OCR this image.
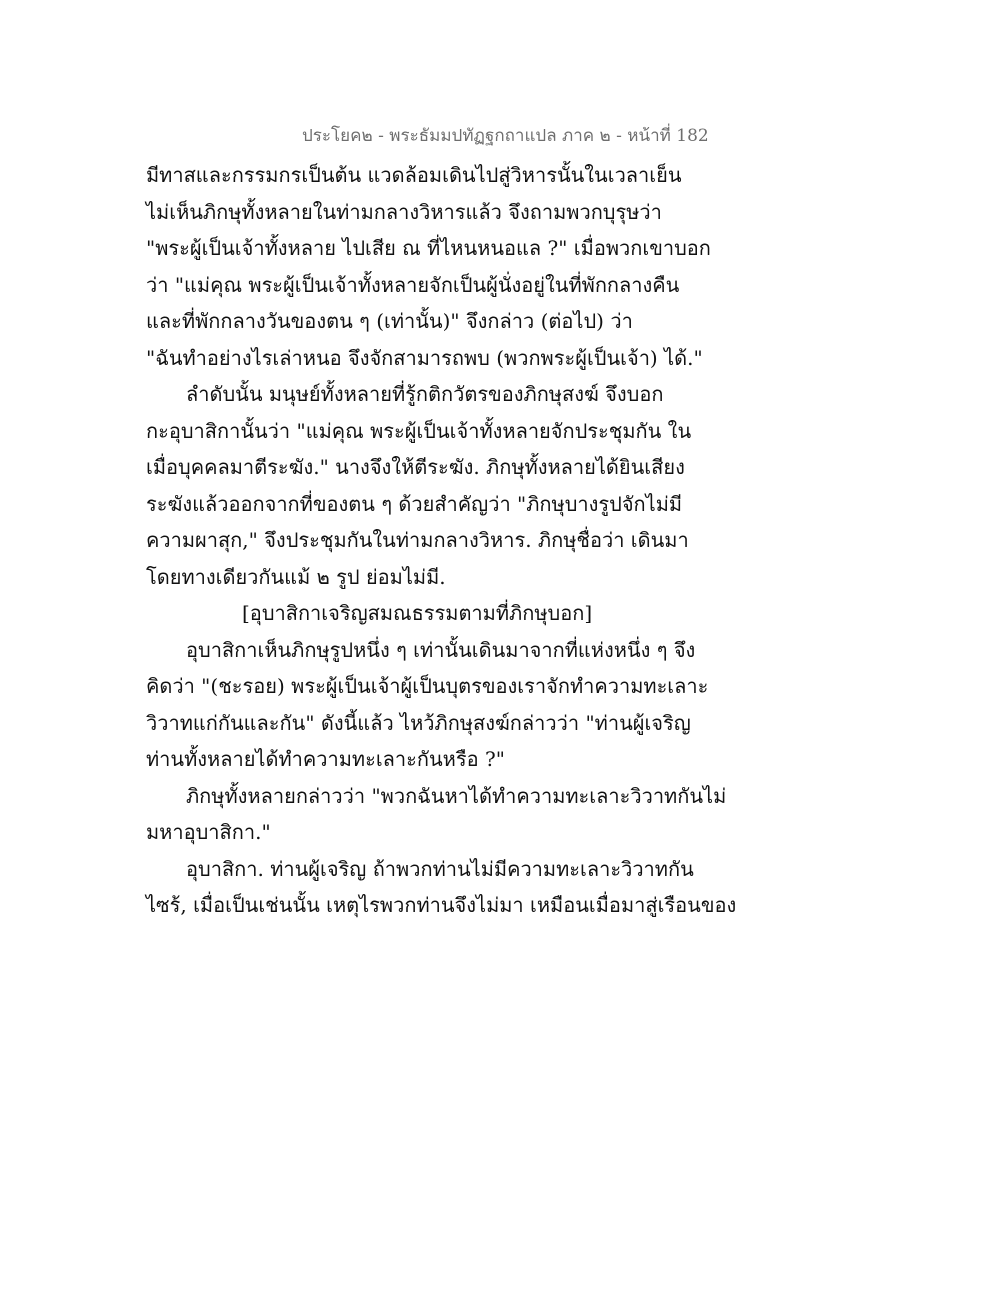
ประโยค๒ - พระธัมมปทัฏฐกถาแปล ภาค ๒ - หน้าที่ 182
มีทาสและกรรมกรเป็นต้น แวดล้อมเดินไปสู่วิหารนั้นในเวลาเย็น
ไม่เห็นภิกษุทั้งหลายในท่ามกลางวิหารแล้ว จึงถามพวกบุรุษว่า
"พระผู้เป็นเจ้าทั้งหลาย ไปเสีย ณ ที่ไหนหนอแล ?" เมื่อพวกเขาบอก
ว่า "แม่คุณ พระผู้เป็นเจ้าทั้งหลายจักเป็นผู้นั่งอยู่ในที่พักกลางคืน
และที่พักกลางวันของตน ๆ (เท่านั้น)" จึงกล่าว (ต่อไป) ว่า
"ฉันทำอย่างไรเล่าหนอ จึงจักสามารถพบ (พวกพระผู้เป็นเจ้า) ได้."
ลำดับนั้น มนุษย์ทั้งหลายที่รู้กติกวัตรของภิกษุสงฆ์ จึงบอก
กะอุบาสิกานั้นว่า "แม่คุณ พระผู้เป็นเจ้าทั้งหลายจักประชุมกัน ใน
เมื่อบุคคลมาตีระฆัง." นางจึงให้ตีระฆัง. ภิกษุทั้งหลายได้ยินเสียง
ระฆังแล้วออกจากที่ของตน ๆ ด้วยสำคัญว่า "ภิกษุบางรูปจักไม่มี
ความผาสุก," จึงประชุมกันในท่ามกลางวิหาร. ภิกษุชื่อว่า เดินมา
โดยทางเดียวกันแม้ ๒ รูป ย่อมไม่มี.
[อุบาสิกาเจริญสมณธรรมตามที่ภิกษุบอก]
อุบาสิกาเห็นภิกษุรูปหนึ่ง ๆ เท่านั้นเดินมาจากที่แห่งหนึ่ง ๆ จึง
คิดว่า "(ชะรอย) พระผู้เป็นเจ้าผู้เป็นบุตรของเราจักทำความทะเลาะ
วิวาทแก่กันและกัน" ดังนี้แล้ว ไหว้ภิกษุสงฆ์กล่าวว่า "ท่านผู้เจริญ
ท่านทั้งหลายได้ทำความทะเลาะกันหรือ ?"
ภิกษุทั้งหลายกล่าวว่า "พวกฉันหาได้ทำความทะเลาะวิวาทกันไม่
มหาอุบาสิกา."
อุบาสิกา. ท่านผู้เจริญ ถ้าพวกท่านไม่มีความทะเลาะวิวาทกัน
ไซร้, เมื่อเป็นเช่นนั้น เหตุไรพวกท่านจึงไม่มา เหมือนเมื่อมาสู่เรือนของ
